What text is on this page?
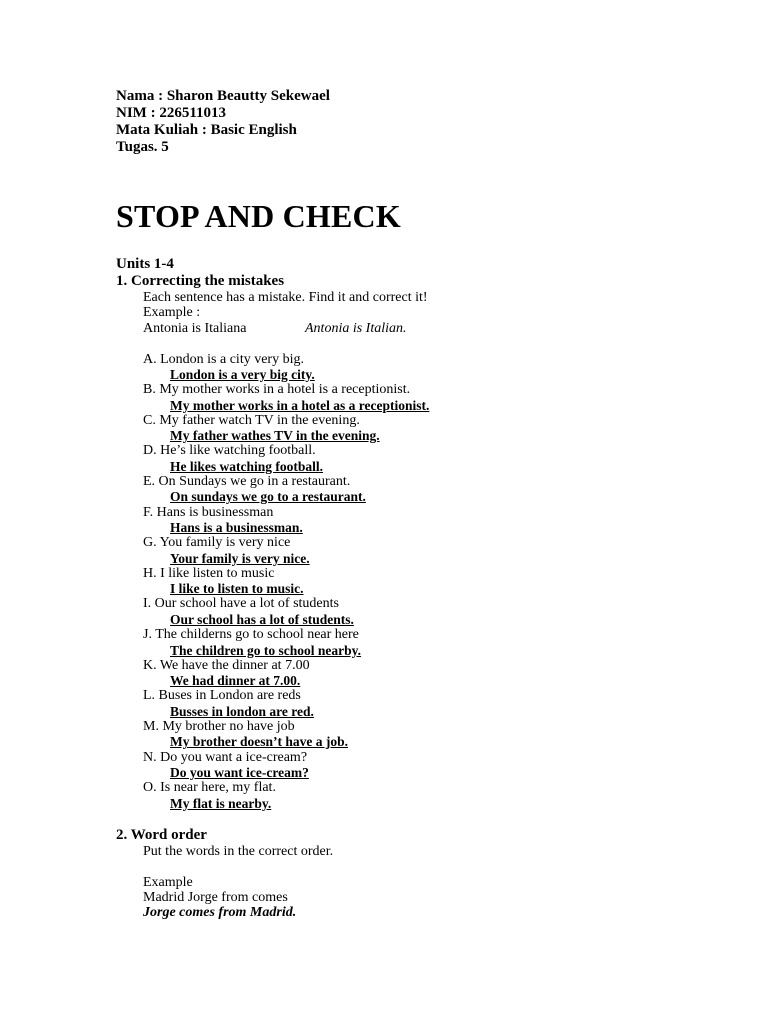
Nama : Sharon Beautty Sekewael

NIM : 226511013

Mata Kuliah : Basic English

Tugas. 5

STOP AND CHECK

Units 1-4

1. Correcting the mistakes

Each sentence has a mistake. Find it and correct it!
Example :
Antonia is Italiana	Antonia is Italian.
A. London is a city very big.
London is a very big city.
B. My mother works in a hotel is a receptionist.
My mother works in a hotel as a receptionist.
C. My father watch TV in the evening.
My father wathes TV in the evening.
D. He’s like watching football.
He likes watching football.
E. On Sundays we go in a restaurant.
On sundays we go to a restaurant.
F. Hans is businessman
Hans is a businessman.
G. You family is very nice
Your family is very nice.
H. I like listen to music
I like to listen to music.
I. Our school have a lot of students
Our school has a lot of students.
J. The childerns go to school near here
The children go to school nearby.
K. We have the dinner at 7.00
We had dinner at 7.00.
L. Buses in London are reds
Busses in london are red.
M. My brother no have job
My brother doesn’t have a job.
N. Do you want a ice-cream?
Do you want ice-cream?
O. Is near here, my flat.
My flat is nearby.

2. Word order

Put the words in the correct order.
Example
Madrid Jorge from comes
Jorge comes from Madrid.
